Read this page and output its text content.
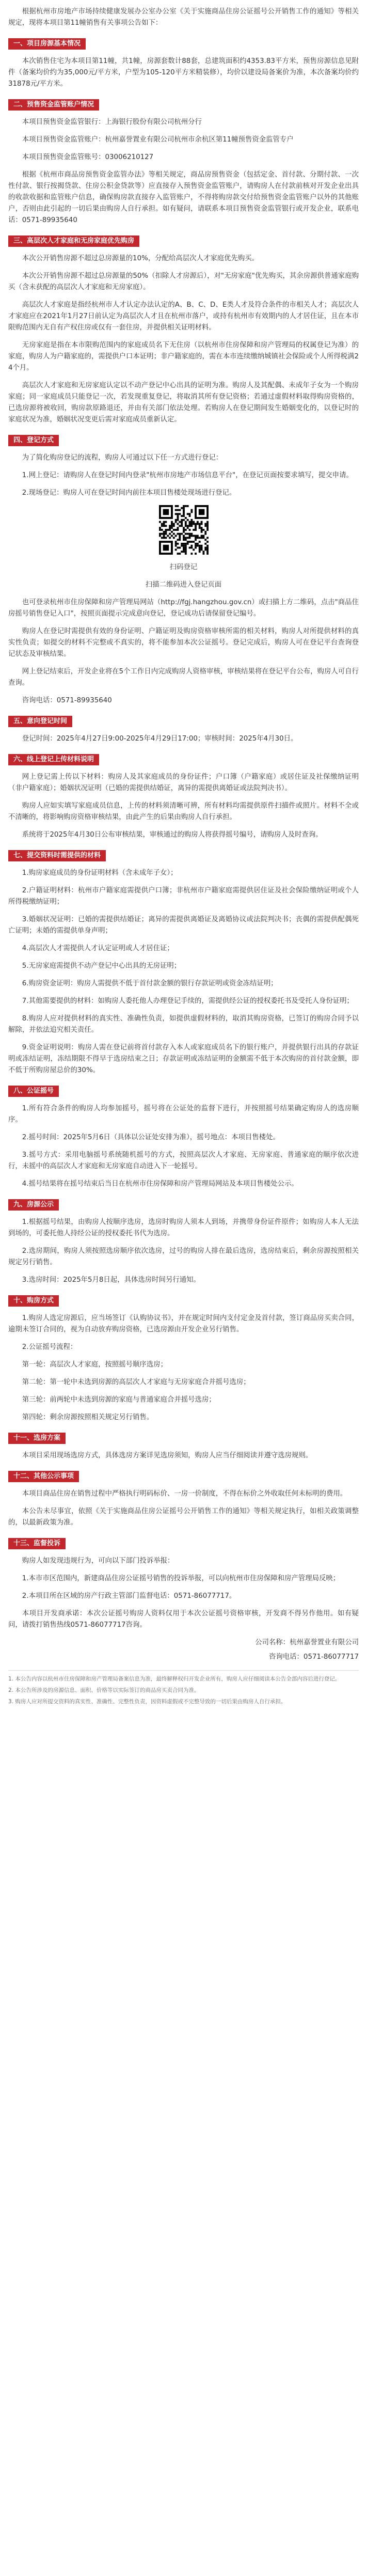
根据杭州市房地产市场持续健康发展办公室办公室《关于实施商品住房公证摇号公开销售工作的通知》等相关规定，现将本项目第11幢销售有关事项公告如下：

一、项目房源基本情况

本次销售住宅为本项目第11幢，共1幢，房源套数计88套，总建筑面积约4353.83平方米，预售房源信息见附件（备案均价约为35,000元/平方米，户型为105-120平方米精装修），均价以建设局备案价为准，本次备案均价约31878元/平方米。

二、预售资金监管账户情况

本项目预售资金监管银行：上海银行股份有限公司杭州分行

本项目预售资金监管账户：杭州嘉誉置业有限公司杭州市余杭区第11幢预售资金监管专户

本项目预售资金监管账号：03006210127

根据《杭州市商品房预售资金监管办法》等相关规定，商品房预售资金（包括定金、首付款、分期付款、一次性付款、银行按揭贷款、住房公积金贷款等）应直接存入预售资金监管账户，请购房人在付款前核对开发企业出具的收款收据和监管账户信息，确保购房款直接存入监管账户，不得将购房款交付给预售资金监管账户以外的其他账户，否则由此引起的一切后果由购房人自行承担。如有疑问，请联系本项目预售资金监管银行或开发企业，联系电话：0571-89935640

三、高层次人才家庭和无房家庭优先购房

本次公开销售房源不超过总房源量的10%，分配给高层次人才家庭优先购买。

本次公开销售房源不超过总房源量的50%（扣除人才房源后），对"无房家庭"优先购买，其余房源供普通家庭购买（含未获配的高层次人才家庭和无房家庭）。

高层次人才家庭是指经杭州市人才认定办法认定的A、B、C、D、E类人才及符合条件的市相关人才；高层次人才家庭应在2021年1月27日前认定为高层次人才且在杭州市落户，或持有杭州市有效期内的人才居住证，且在本市限购范围内无自有产权住房或仅有一套住房，并提供相关证明材料。

无房家庭是指在本市限购范围内的家庭成员名下无住房（以杭州市住房保障和房产管理局的权属登记为准）的家庭，购房人为户籍家庭的，需提供户口本证明；非户籍家庭的，需在本市连续缴纳城镇社会保险或个人所得税满24个月。

高层次人才家庭和无房家庭认定以不动产登记中心出具的证明为准。购房人及其配偶、未成年子女为一个购房家庭；同一家庭成员只能登记一次，若发现重复登记，将取消其所有登记资格；若通过虚假材料取得购房资格的，已选房源将被收回，购房款原路退还，并由有关部门依法处理。若购房人在登记期间发生婚姻变化的，以登记时的家庭状况为准，婚姻状况变更后需对家庭成员重新认定。

四、登记方式

为了简化购房登记的流程，购房人可通过以下任一方式进行登记：

1.网上登记：请购房人在登记时间内登录"杭州市房地产市场信息平台"，在登记页面按要求填写，提交申请。

2.现场登记：购房人可在登记时间内前往本项目售楼处现场进行登记。

扫码登记

扫描二维码进入登记页面

也可登录杭州市住房保障和房产管理局网站（http://fgj.hangzhou.gov.cn）或扫描上方二维码，点击"商品住房摇号销售登记入口"，按照页面提示完成意向登记，登记成功后请保留登记编号。

购房人在登记时需提供有效的身份证明、户籍证明及购房资格审核所需的相关材料，购房人对所提供材料的真实性负责；如提交的材料不完整或不真实的，将不能参加本次公证摇号。登记完成后，购房人可在登记平台查询登记状态及审核结果。

网上登记结束后，开发企业将在5个工作日内完成购房人资格审核，审核结果将在登记平台公布，购房人可自行查询。

咨询电话：0571-89935640

五、意向登记时间

登记时间：2025年4月27日9:00-2025年4月29日17:00；审核时间：2025年4月30日。

六、线上登记上传材料说明

网上登记需上传以下材料：购房人及其家庭成员的身份证件；户口簿（户籍家庭）或居住证及社保缴纳证明（非户籍家庭）；婚姻状况证明（已婚的需提供结婚证，离异的需提供离婚证或法院判决书）。

购房人应如实填写家庭成员信息，上传的材料须清晰可辨，所有材料均需提供原件扫描件或照片。材料不全或不清晰的，将影响购房资格审核结果，由此产生的后果由购房人自行承担。

系统将于2025年4月30日公布审核结果，审核通过的购房人将获得摇号编号，请购房人及时查询。

七、提交资料时需提供的材料

1.购房家庭成员的身份证明材料（含未成年子女）；

2.户籍证明材料：杭州市户籍家庭需提供户口簿；非杭州市户籍家庭需提供居住证及社会保险缴纳证明或个人所得税缴纳证明；

3.婚姻状况证明：已婚的需提供结婚证；离异的需提供离婚证及离婚协议或法院判决书；丧偶的需提供配偶死亡证明；未婚的需提供单身声明；

4.高层次人才需提供人才认定证明或人才居住证；

5.无房家庭需提供不动产登记中心出具的无房证明；

6.购房资金证明：购房人需提供不低于首付款金额的银行存款证明或资金冻结证明；

7.其他需要提供的材料：如购房人委托他人办理登记手续的，需提供经公证的授权委托书及受托人身份证明；

8.购房人应对提供材料的真实性、准确性负责，如提供虚假材料的，取消其购房资格，已签订的购房合同予以解除，并依法追究相关责任。

9.资金证明说明：购房人需在登记前将首付款存入本人或家庭成员名下的银行账户，并提供银行出具的存款证明或冻结证明，冻结期限不得早于选房结束之日；存款证明或冻结证明的金额需不低于本次购房的首付款金额，即不低于所购房屋总价的30%。

八、公证摇号

1.所有符合条件的购房人均参加摇号，摇号将在公证处的监督下进行，并按照摇号结果确定购房人的选房顺序。

2.摇号时间：2025年5月6日（具体以公证处安排为准），摇号地点：本项目售楼处。

3.摇号方式：采用电脑摇号系统随机摇号的方式，按照高层次人才家庭、无房家庭、普通家庭的顺序依次进行，未摇中的高层次人才家庭和无房家庭自动进入下一轮摇号。

4.摇号结果将在摇号结束后当日在杭州市住房保障和房产管理局网站及本项目售楼处公示。

九、房源公示

1.根据摇号结果，由购房人按顺序选房，选房时购房人须本人到场，并携带身份证件原件；如购房人本人无法到场的，可委托他人持经公证的授权委托书代为选房。

2.选房期间，购房人须按照选房顺序依次选房，过号的购房人排在最后选房，选房结束后，剩余房源按照相关规定另行销售。

3.选房时间：2025年5月8日起，具体选房时间另行通知。

十、购房方式

1.购房人选定房源后，应当场签订《认购协议书》，并在规定时间内支付定金及首付款，签订商品房买卖合同，逾期未签订合同的，视为自动放弃购房资格，已选房源由开发企业另行销售。

2.公证摇号流程：

第一轮：高层次人才家庭，按照摇号顺序选房；

第二轮：第一轮中未选到房源的高层次人才家庭与无房家庭合并摇号选房；

第三轮：前两轮中未选到房源的家庭与普通家庭合并摇号选房；

第四轮：剩余房源按照相关规定另行销售。

十一、选房方案

本项目采用现场选房方式，具体选房方案详见选房须知，购房人应当仔细阅读并遵守选房规则。

十二、其他公示事项

本项目商品住房在销售过程中严格执行明码标价、一房一价制度，不得在标价之外收取任何未标明的费用。

本公告未尽事宜，依照《关于实施商品住房公证摇号公开销售工作的通知》等相关规定执行，如相关政策调整的，以最新政策为准。

十三、监督投诉

购房人如发现违规行为，可向以下部门投诉举报：

1.本市市区范围内，新建商品住房公证摇号销售的投诉举报，可以向杭州市住房保障和房产管理局反映；

2.本项目所在区域的房产行政主管部门监督电话：0571-86077717。

本项目开发商承诺：本次公证摇号购房人资料仅用于本次公证摇号资格审核，开发商不得另作他用。如有疑问，请拨打销售热线0571-86077717咨询。

公司名称：杭州嘉誉置业有限公司

咨询电话：0571-86077717

1. 本公告内容以杭州市住房保障和房产管理局备案信息为准，最终解释权归开发企业所有，购房人应仔细阅读本公告全部内容后进行登记。

2. 本公告所涉及的房源信息、面积、价格等以实际签订的商品房买卖合同为准。

3. 购房人应对所提交资料的真实性、准确性、完整性负责，因资料虚假或不完整导致的一切后果由购房人自行承担。
